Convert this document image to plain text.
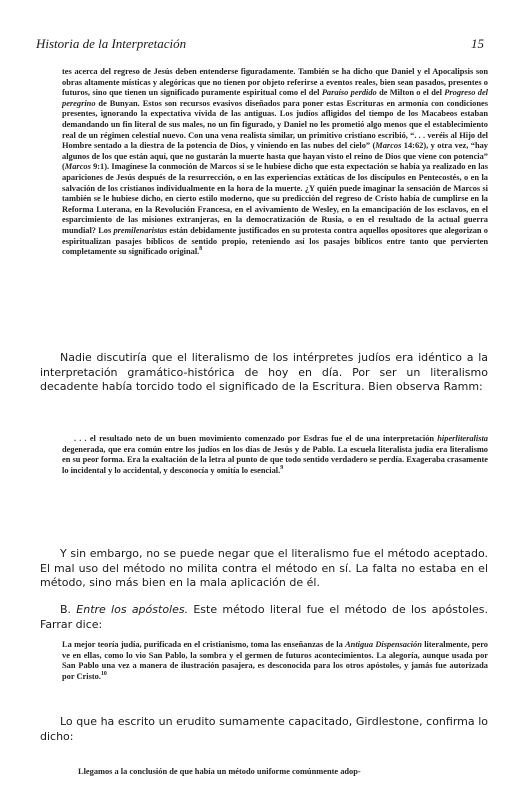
Historia de la Interpretación	15
tes acerca del regreso de Jesús deben entenderse figuradamente. También se ha dicho que Daniel y el Apocalipsis son obras altamente místicas y alegóricas que no tienen por objeto referirse a eventos reales, bien sean pasados, presentes o futuros, sino que tienen un significado puramente espiritual como el del Paraíso perdido de Milton o el del Progreso del peregrino de Bunyan. Estos son recursos evasivos diseñados para poner estas Escrituras en armonía con condiciones presentes, ignorando la expectativa vívida de las antiguas. Los judíos afligidos del tiempo de los Macabeos estaban demandando un fin literal de sus males, no un fin figurado, y Daniel no les prometió algo menos que el establecimiento real de un régimen celestial nuevo. Con una vena realista similar, un primitivo cristiano escribió, “. . . veréis al Hijo del Hombre sentado a la diestra de la potencia de Dios, y viniendo en las nubes del cielo” (Marcos 14:62), y otra vez, “hay algunos de los que están aquí, que no gustarán la muerte hasta que hayan visto el reino de Dios que viene con potencia” (Marcos 9:1). Imagínese la conmoción de Marcos si se le hubiese dicho que esta expectación se había ya realizado en las apariciones de Jesús después de la resurrección, o en las experiencias extáticas de los discípulos en Pentecostés, o en la salvación de los cristianos individualmente en la hora de la muerte. ¿Y quién puede imaginar la sensación de Marcos si también se le hubiese dicho, en cierto estilo moderno, que su predicción del regreso de Cristo había de cumplirse en la Reforma Luterana, en la Revolución Francesa, en el avivamiento de Wesley, en la emancipación de los esclavos, en el esparcimiento de las misiones extranjeras, en la democratización de Rusia, o en el resultado de la actual guerra mundial? Los premilenaristas están debidamente justificados en su protesta contra aquellos opositores que alegorizan o espiritualizan pasajes bíblicos de sentido propio, reteniendo así los pasajes bíblicos entre tanto que pervierten completamente su significado original.$^8$
Nadie discutiría que el literalismo de los intérpretes judíos era idéntico a la interpretación gramático-histórica de hoy en día. Por ser un literalismo decadente había torcido todo el significado de la Escritura. Bien observa Ramm:
. . . el resultado neto de un buen movimiento comenzado por Esdras fue el de una interpretación hiperliteralista degenerada, que era común entre los judíos en los días de Jesús y de Pablo. La escuela literalista judía era literalismo en su peor forma. Era la exaltación de la letra al punto de que todo sentido verdadero se perdía. Exageraba crasamente lo incidental y lo accidental, y desconocía y omitía lo esencial.$^9$
Y sin embargo, no se puede negar que el literalismo fue el método aceptado. El mal uso del método no milita contra el método en sí. La falta no estaba en el método, sino más bien en la mala aplicación de él.
B. Entre los apóstoles. Este método literal fue el método de los apóstoles. Farrar dice:
La mejor teoría judía, purificada en el cristianismo, toma las enseñanzas de la Antigua Dispensación literalmente, pero ve en ellas, como lo vio San Pablo, la sombra y el germen de futuros acontecimientos. La alegoría, aunque usada por San Pablo una vez a manera de ilustración pasajera, es desconocida para los otros apóstoles, y jamás fue autorizada por Cristo.$^{10}$
Lo que ha escrito un erudito sumamente capacitado, Girdlestone, confirma lo dicho:
Llegamos a la conclusión de que había un método uniforme comúnmente adop-
